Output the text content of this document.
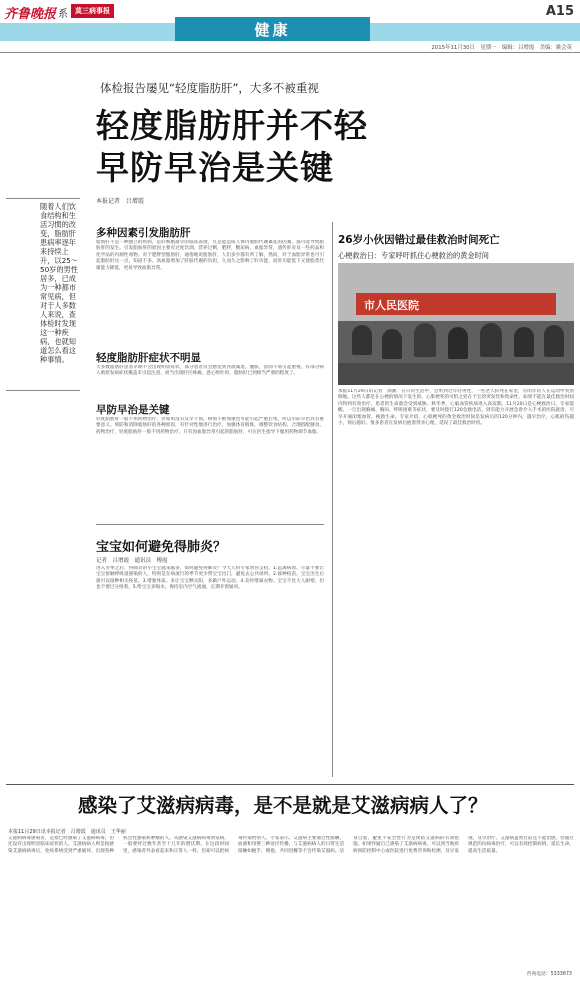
齐鲁晚报 系	莫三病事报
健康
A15
2015年11月30日　星期一　编辑：吕增霞　美编：姚会英
体检报告屡见“轻度脂肪肝”，大多不被重视
轻度脂肪肝并不轻
早防早治是关键
本报记者　吕增霞
随着人们饮食结构和生活习惯的改变，脂肪肝患病率逐年来持续上升，以25～50岁的男性居多，已成为一种都市常见病，但对于人多数人来说，查体检时发现这一种疾病，也就知道怎么看这种事情。
多种因素引发脂肪肝
脂肪肝不是一种独立的疾病，是肝细胞最早的临床表现，凡是能造成人体内脂肪代谢紊乱的因素，都可能导致脂肪肝的发生。引发脂肪肝的原因主要有过度饮酒，营养过剩，肥胖，糖尿病，血脂异常，遗传肝炎及一些药品和化学品的内源性毒物。对于肥胖型脂肪肝，通俗地说脂肪肝，人们多少都有所了解，然而，对于血脂异常也可引起脂肪肝这一点，知道不多。高血脂增加了肝脏代谢的负担，久而久之影响了肝功能，而肝功能低下又使脂类代谢能力降低，更易导致血脂异常。
轻度脂肪肝症状不明显
大多数脂肪肝患者早期不会出现明显症状，部分患者仅会感觉到食欲减退，腹胀，因而不易引起重视，有部分病人被原发病症状掩盖未引起注意，而当出现肝区疼痛，恶心呕吐时，脂肪肝已到相当严重的程度了。
早防早治是关键
轻度脂肪肝一般不用药物治疗，但如果没有及早干预，病情不断加重也可能引起严重后果，所以早防早治具有重要意义。预防和消除脂肪肝的各种原因，有针对性地进行治疗。加强体育锻炼，调整饮食结构，合理搭配膳食。药物治疗，轻度脂肪肝一般不用药物治疗，只有因血脂异常引起的脂肪肝，可在医生指导下服用药物调节血脂。
宝宝如何避免得肺炎？
记者　吕增霞　通讯员　傅霞
进入冬季之后，得肺炎的小宝宝越来越多，如何避免得肺炎？今天儿科专家帮你支招。1.远离病原。尽量不要让宝宝接触呼吸道感染的人，特别是在病流行的季节更少带宝宝出门，避免去公共场所。2.接种疫苗。宝宝出生后就可以接种相关疫苗。3.增强体质。多让宝宝晒太阳，多做户外运动。4.及时增减衣物。宝宝不比大人耐寒，但也不要过分捂着。5.给宝宝多喝水，保持室内空气流通，定期开窗通风。
26岁小伙因错过最佳救治时间死亡
心梗救治日：专家呼吁抓住心梗救治的黄金时间
市人民医院
本报11月29日讯记者　颜湘　在日常生活中，会听到过年轻男性，一些老人猝死在家里，有的年轻人在运动中突然倒地。这些人都是在心梗的情况下发生的。心肌梗死的可怕之处在于它的突发性和致命性，如果不能在最佳救治时间内得到有效治疗，患者的生命就会受到威胁。秋冬季，心脑血管疾病进入高发期。11月20日是心梗救治日，专家提醒，一旦出现胸痛、胸闷、呼吸困难等症状，要及时拨打120急救电话，到有能力开展急诊介入手术的医院就诊，尽早开通闭塞血管，挽救生命。专家介绍，心肌梗死的黄金救治时间是发病后的120分钟内，越早治疗，心肌损伤越小，预后越好。很多患者在发病后抱着侥幸心理，延误了最佳救治时机。
感染了艾滋病病毒，是不是就是艾滋病病人了？
本报11月29日讯本报记者　吕增霞　通讯员　王华丽
艾滋病病毒感染者，是指已经感染了艾滋病病毒，但还没有出现明显临床症状的人。艾滋病病人则是指感染艾滋病病毒后，免疫系统受到严重破坏，出现各种机会性感染和肿瘤的人。从感染艾滋病病毒到发病，一般要经过数年甚至十几年的潜伏期。在这段时间里，感染者外表看起来和正常人一样，但却可以把病毒传染给别人。专家表示，艾滋病主要通过性接触、血液和母婴三种途径传播，与艾滋病病人的日常生活接触如握手、拥抱、共同进餐等不会传染艾滋病。洁身自爱、避免不安全性行为是预防艾滋病的有效措施。如果怀疑自己感染了艾滋病病毒，可以到当地疾病预防控制中心或医院进行免费咨询和检测，及早发现，及早治疗。艾滋病虽然目前还不能治愈，但通过规范的抗病毒治疗，可以有效控制病情，延长生命，提高生活质量。
咨询电话：5333673
